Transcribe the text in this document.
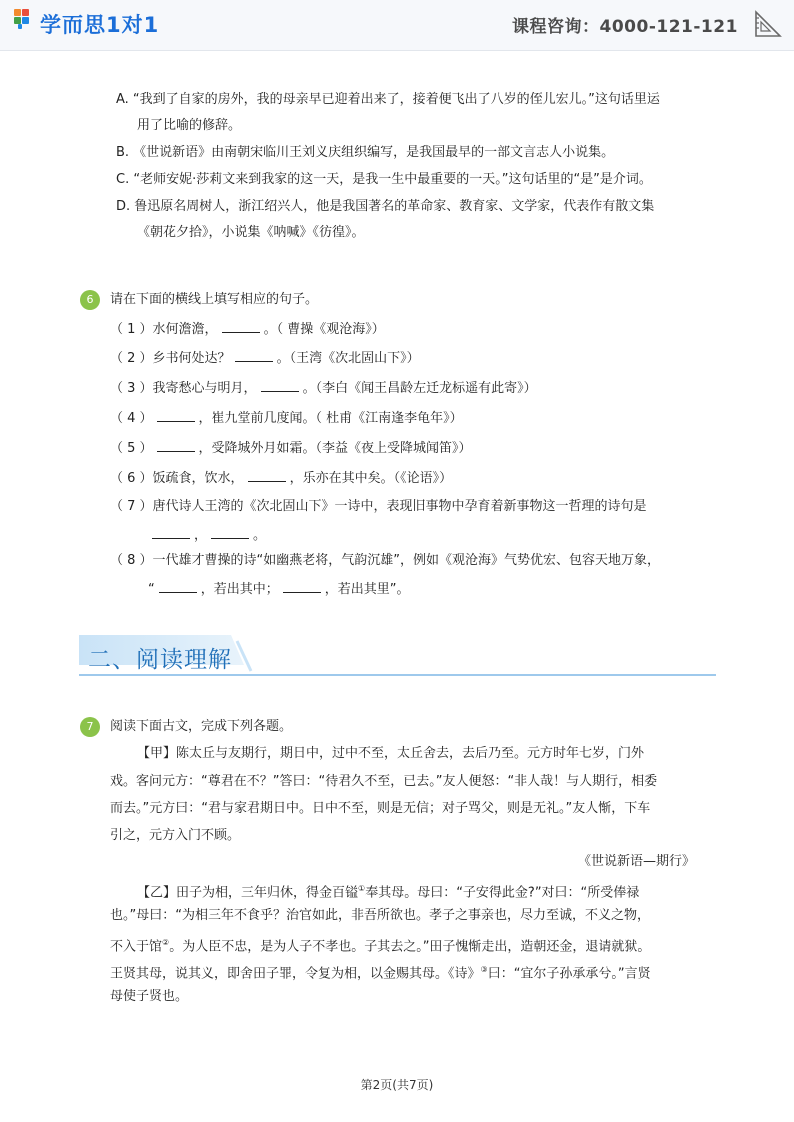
学而思1对1	课程咨询：4000-121-121
A. “我到了自家的房外，我的母亲早已迎着出来了，接着便飞出了八岁的侄儿宏儿。”这句话里运
用了比喻的修辞。
B. 《世说新语》由南朝宋临川王刘义庆组织编写，是我国最早的一部文言志人小说集。
C. “老师安妮·莎莉文来到我家的这一天，是我一生中最重要的一天。”这句话里的“是”是介词。
D. 鲁迅原名周树人，浙江绍兴人，他是我国著名的革命家、教育家、文学家，代表作有散文集
《朝花夕拾》，小说集《呐喊》《彷徨》。
6	请在下面的横线上填写相应的句子。
（ 1 ）水何澹澹，	。（ 曹操《观沧海》）
（ 2 ）乡书何处达？	。（王湾《次北固山下》）
（ 3 ）我寄愁心与明月，	。（李白《闻王昌龄左迁龙标遥有此寄》）
（ 4 ）	，崔九堂前几度闻。（ 杜甫《江南逢李龟年》）
（ 5 ）	，受降城外月如霜。（李益《夜上受降城闻笛》）
（ 6 ）饭疏食，饮水，	，乐亦在其中矣。（《论语》）
（ 7 ）唐代诗人王湾的《次北固山下》一诗中，表现旧事物中孕育着新事物这一哲理的诗句是
，	。
（ 8 ）一代雄才曹操的诗“如幽燕老将，气韵沉雄”，例如《观沧海》气势优宏、包容天地万象，
“	，若出其中；	，若出其里”。
二、阅读理解
7	阅读下面古文，完成下列各题。
【甲】陈太丘与友期行，期日中，过中不至，太丘舍去，去后乃至。元方时年七岁，门外
戏。客问元方：“尊君在不？”答曰：“待君久不至，已去。”友人便怒：“非人哉！与人期行，相委
而去。”元方曰：“君与家君期日中。日中不至，则是无信；对子骂父，则是无礼。”友人惭，下车
引之，元方入门不顾。
《世说新语—期行》
【乙】田子为相，三年归休，得金百镒①奉其母。母曰：“子安得此金?”对曰：“所受俸禄
也。”母曰：“为相三年不食乎？治官如此，非吾所欲也。孝子之事亲也，尽力至诚，不义之物，
不入于馆②。为人臣不忠，是为人子不孝也。子其去之。”田子愧惭走出，造朝还金，退请就狱。
王贤其母，说其义，即舍田子罪，令复为相，以金赐其母。《诗》③曰：“宜尔子孙承承兮。”言贤
母使子贤也。
第2页(共7页)
